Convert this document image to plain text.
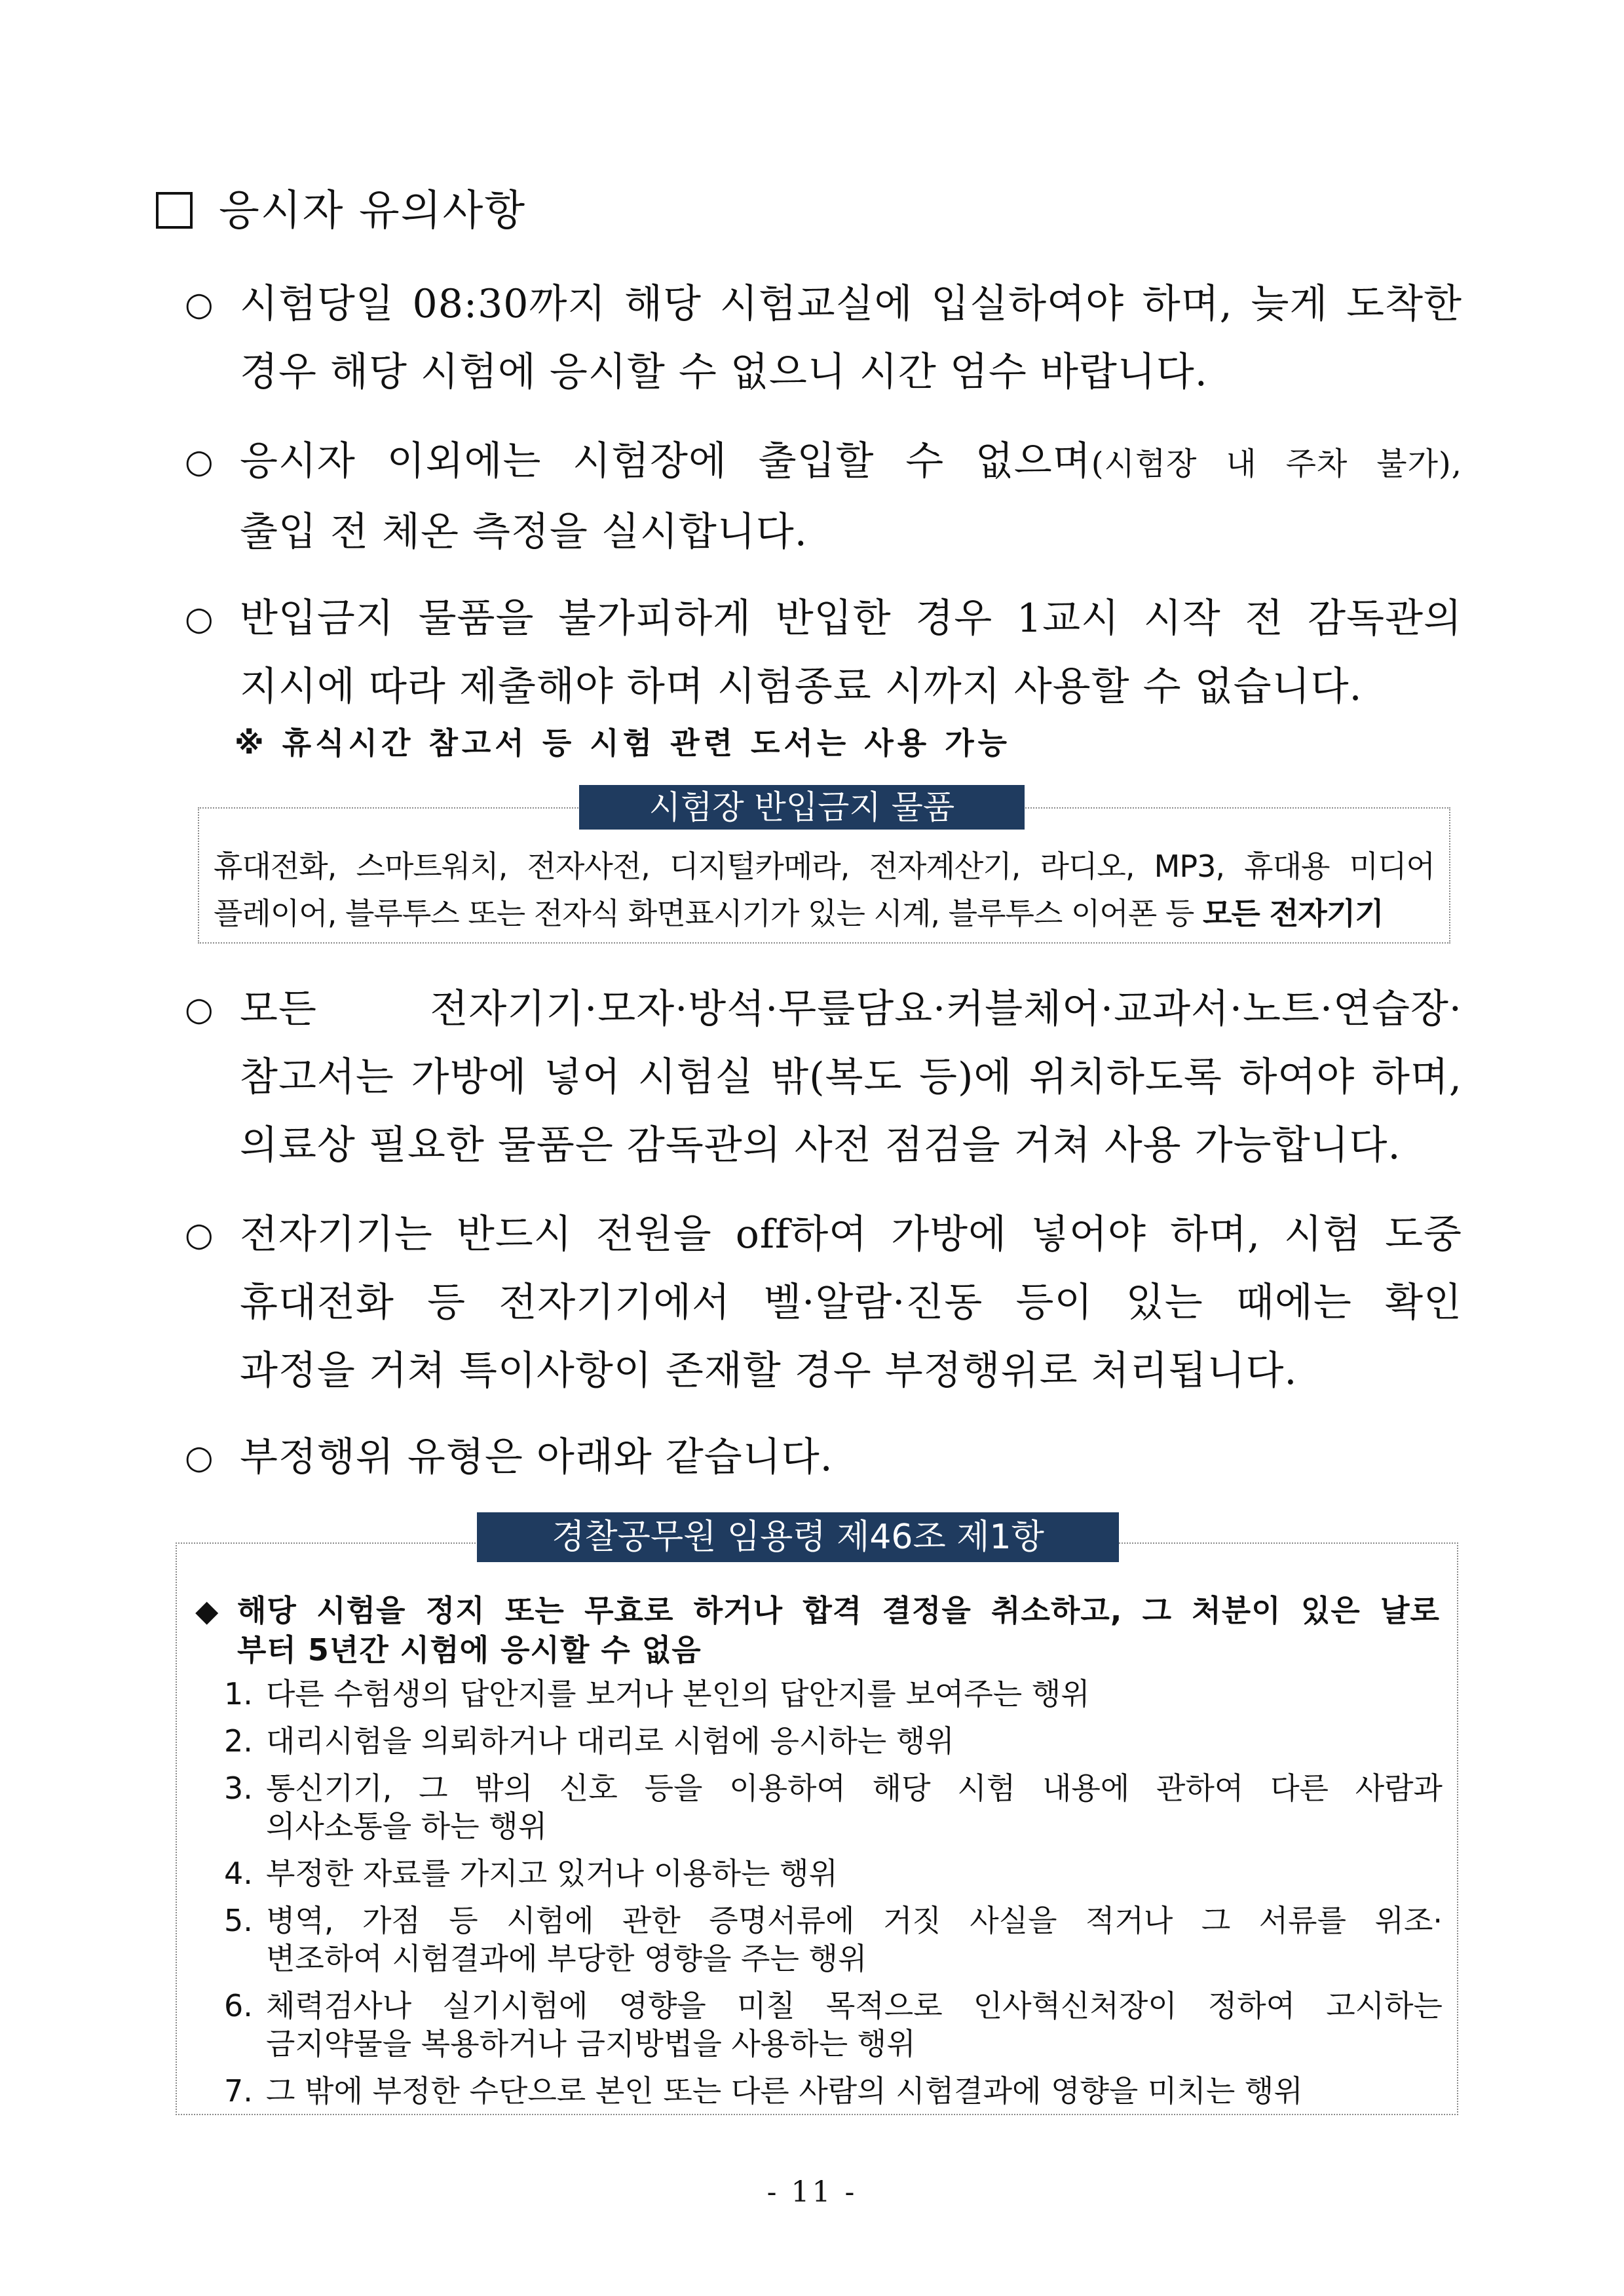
응시자 유의사항
○ 시험당일 08:30까지 해당 시험교실에 입실하여야 하며, 늦게 도착한
경우 해당 시험에 응시할 수 없으니 시간 엄수 바랍니다.
○ 응시자 이외에는 시험장에 출입할 수 없으며(시험장 내 주차 불가),
출입 전 체온 측정을 실시합니다.
○ 반입금지 물품을 불가피하게 반입한 경우 1교시 시작 전 감독관의
지시에 따라 제출해야 하며 시험종료 시까지 사용할 수 없습니다.
※ 휴식시간 참고서 등 시험 관련 도서는 사용 가능
휴대전화, 스마트워치, 전자사전, 디지털카메라, 전자계산기, 라디오, MP3, 휴대용 미디어
플레이어, 블루투스 또는 전자식 화면표시기가 있는 시계, 블루투스 이어폰 등 모든 전자기기
시험장 반입금지 물품
○ 모든 전자기기·모자·방석·무릎담요·커블체어·교과서·노트·연습장·
참고서는 가방에 넣어 시험실 밖(복도 등)에 위치하도록 하여야 하며,
의료상 필요한 물품은 감독관의 사전 점검을 거쳐 사용 가능합니다.
○ 전자기기는 반드시 전원을 off하여 가방에 넣어야 하며, 시험 도중
휴대전화 등 전자기기에서 벨·알람·진동 등이 있는 때에는 확인
과정을 거쳐 특이사항이 존재할 경우 부정행위로 처리됩니다.
○ 부정행위 유형은 아래와 같습니다.
◆ 해당 시험을 정지 또는 무효로 하거나 합격 결정을 취소하고, 그 처분이 있은 날로
부터 5년간 시험에 응시할 수 없음
1. 다른 수험생의 답안지를 보거나 본인의 답안지를 보여주는 행위
2. 대리시험을 의뢰하거나 대리로 시험에 응시하는 행위
3. 통신기기, 그 밖의 신호 등을 이용하여 해당 시험 내용에 관하여 다른 사람과
의사소통을 하는 행위
4. 부정한 자료를 가지고 있거나 이용하는 행위
5. 병역, 가점 등 시험에 관한 증명서류에 거짓 사실을 적거나 그 서류를 위조·
변조하여 시험결과에 부당한 영향을 주는 행위
6. 체력검사나 실기시험에 영향을 미칠 목적으로 인사혁신처장이 정하여 고시하는
금지약물을 복용하거나 금지방법을 사용하는 행위
7. 그 밖에 부정한 수단으로 본인 또는 다른 사람의 시험결과에 영향을 미치는 행위
경찰공무원 임용령 제46조 제1항
- 11 -
